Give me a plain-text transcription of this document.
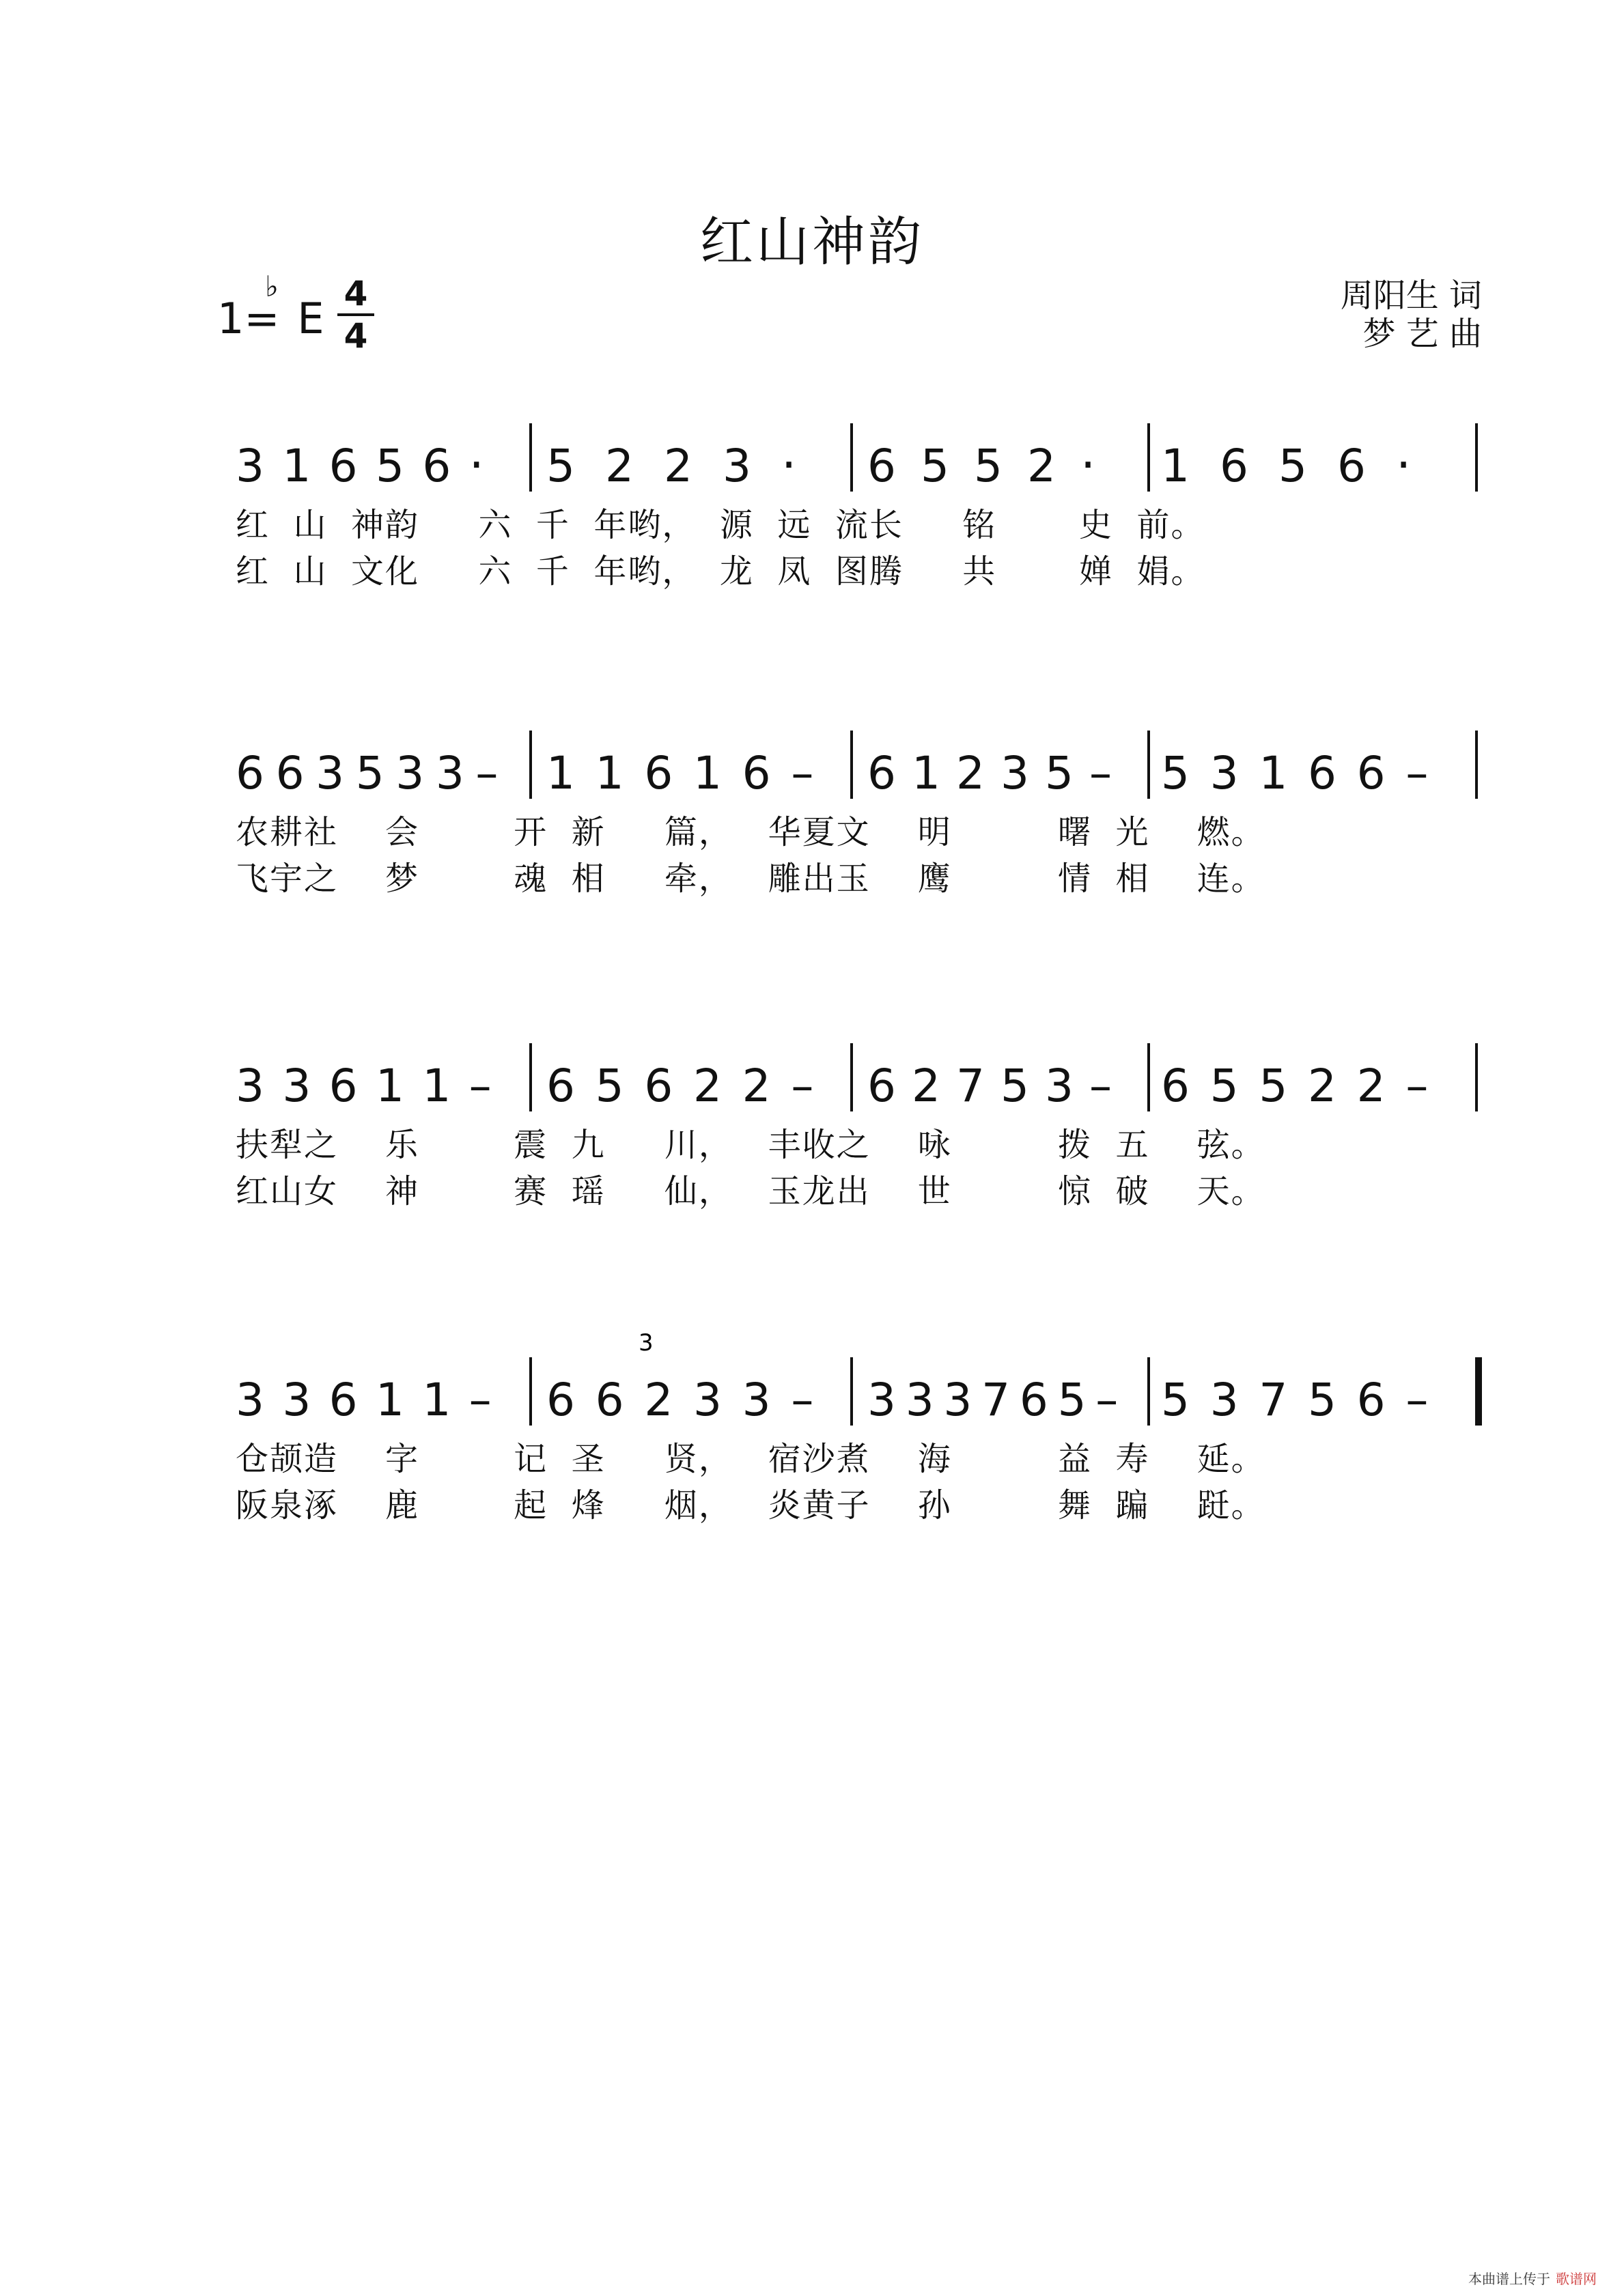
红山神韵
1= E
♭ 4
4
周阳生 词
梦 艺 曲
3 1 6 5 6 · 5 2 2 3 · 6 5 5 2 · 1 6 5 6 ·
红  山  神韵     六  千  年哟，  源  远  流长     铭       史  前。
红  山  文化     六  千  年哟，  龙  凤  图腾     共       婵  娟。
6 6 3 5 3 3 – 1 1 6 1 6 – 6 1 2 3 5 – 5 3 1 6 6 –
农耕社    会        开  新     篇，   华夏文    明         曙  光    燃。
飞宇之    梦        魂  相     牵，   雕出玉    鹰         情  相    连。
3 3 6 1 1 – 6 5 6 2 2 – 6 2 7 5 3 – 6 5 5 2 2 –
扶犁之    乐        震  九     川，   丰收之    咏         拨  五    弦。
红山女    神        赛  瑶     仙，   玉龙出    世         惊  破    天。
3 3 6 1 1 – 6 6 2 3 3 – 3 3 3 7 6 5 – 5 3 7 5 6 –
3
仓颉造    字        记  圣     贤，   宿沙煮    海         益  寿    延。
阪泉涿    鹿        起  烽     烟，   炎黄子    孙         舞  蹁    跹。
本曲谱上传于 歌谱网
